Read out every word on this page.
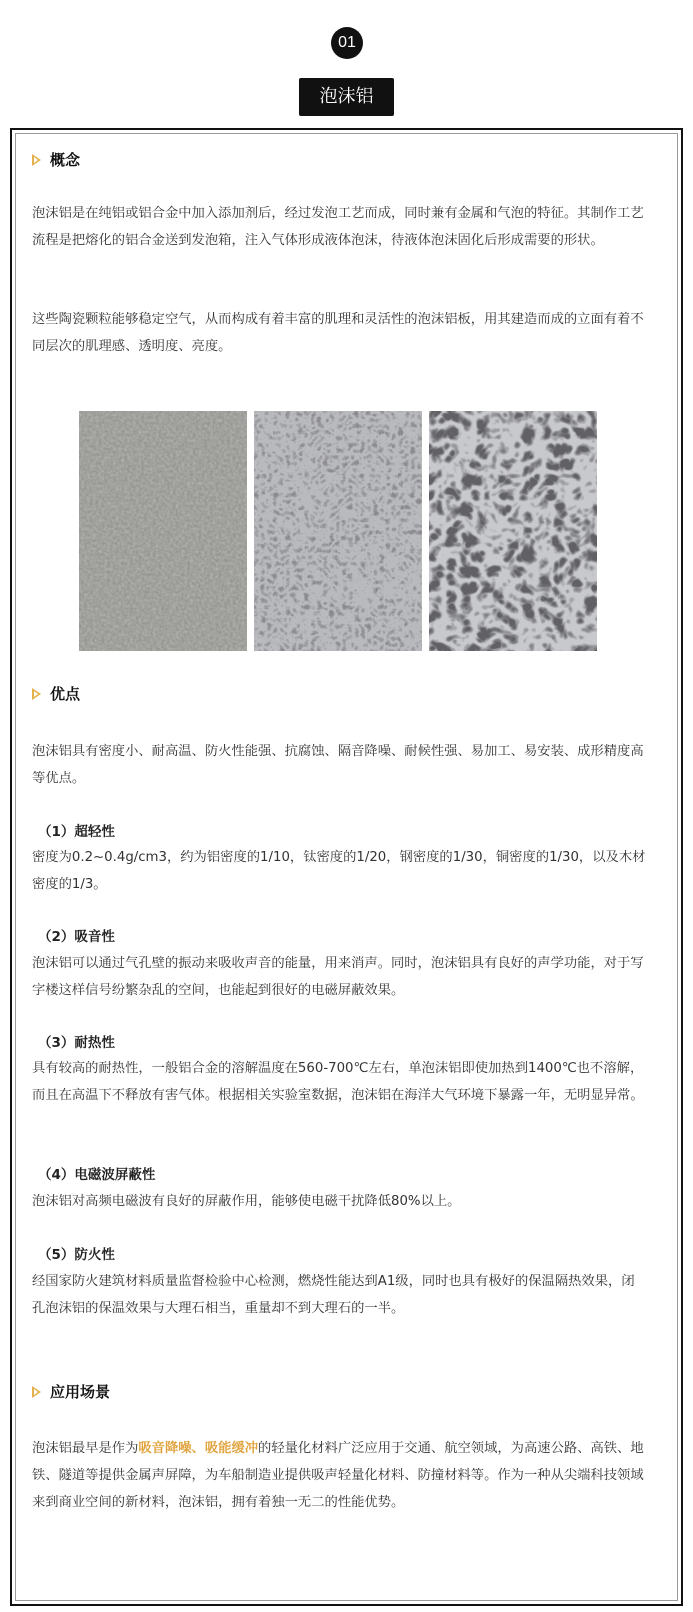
01
泡沫铝
概念
泡沫铝是在纯铝或铝合金中加入添加剂后，经过发泡工艺而成，同时兼有金属和气泡的特征。其制作工艺流程是把熔化的铝合金送到发泡箱，注入气体形成液体泡沫，待液体泡沫固化后形成需要的形状。
这些陶瓷颗粒能够稳定空气，从而构成有着丰富的肌理和灵活性的泡沫铝板，用其建造而成的立面有着不同层次的肌理感、透明度、亮度。
优点
泡沫铝具有密度小、耐高温、防火性能强、抗腐蚀、隔音降噪、耐候性强、易加工、易安装、成形精度高等优点。
（1）超轻性
密度为0.2~0.4g/cm3，约为铝密度的1/10，钛密度的1/20，钢密度的1/30，铜密度的1/30，以及木材密度的1/3。
（2）吸音性
泡沫铝可以通过气孔壁的振动来吸收声音的能量，用来消声。同时，泡沫铝具有良好的声学功能，对于写字楼这样信号纷繁杂乱的空间，也能起到很好的电磁屏蔽效果。
（3）耐热性
具有较高的耐热性，一般铝合金的溶解温度在560-700℃左右，单泡沫铝即使加热到1400℃也不溶解，而且在高温下不释放有害气体。根据相关实验室数据，泡沫铝在海洋大气环境下暴露一年，无明显异常。
（4）电磁波屏蔽性
泡沫铝对高频电磁波有良好的屏蔽作用，能够使电磁干扰降低80%以上。
（5）防火性
经国家防火建筑材料质量监督检验中心检测，燃烧性能达到A1级，同时也具有极好的保温隔热效果，闭孔泡沫铝的保温效果与大理石相当，重量却不到大理石的一半。
应用场景
泡沫铝最早是作为吸音降噪、吸能缓冲的轻量化材料广泛应用于交通、航空领域，为高速公路、高铁、地铁、隧道等提供金属声屏障，为车船制造业提供吸声轻量化材料、防撞材料等。作为一种从尖端科技领域来到商业空间的新材料，泡沫铝，拥有着独一无二的性能优势。
